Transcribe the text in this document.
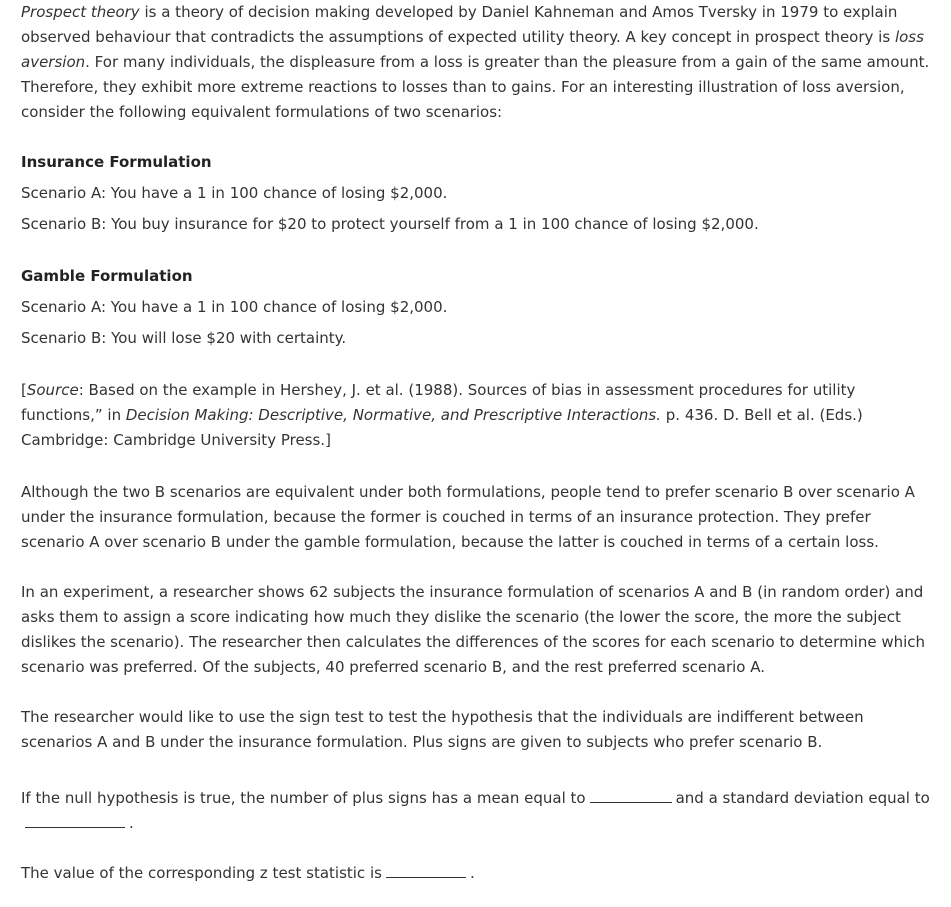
Prospect theory is a theory of decision making developed by Daniel Kahneman and Amos Tversky in 1979 to explain observed behaviour that contradicts the assumptions of expected utility theory. A key concept in prospect theory is loss aversion. For many individuals, the displeasure from a loss is greater than the pleasure from a gain of the same amount. Therefore, they exhibit more extreme reactions to losses than to gains. For an interesting illustration of loss aversion, consider the following equivalent formulations of two scenarios:

Insurance Formulation

Scenario A: You have a 1 in 100 chance of losing $2,000.

Scenario B: You buy insurance for $20 to protect yourself from a 1 in 100 chance of losing $2,000.

Gamble Formulation

Scenario A: You have a 1 in 100 chance of losing $2,000.

Scenario B: You will lose $20 with certainty.

[Source: Based on the example in Hershey, J. et al. (1988). Sources of bias in assessment procedures for utility functions,” in Decision Making: Descriptive, Normative, and Prescriptive Interactions. p. 436. D. Bell et al. (Eds.) Cambridge: Cambridge University Press.]

Although the two B scenarios are equivalent under both formulations, people tend to prefer scenario B over scenario A under the insurance formulation, because the former is couched in terms of an insurance protection. They prefer scenario A over scenario B under the gamble formulation, because the latter is couched in terms of a certain loss.

In an experiment, a researcher shows 62 subjects the insurance formulation of scenarios A and B (in random order) and asks them to assign a score indicating how much they dislike the scenario (the lower the score, the more the subject dislikes the scenario). The researcher then calculates the differences of the scores for each scenario to determine which scenario was preferred. Of the subjects, 40 preferred scenario B, and the rest preferred scenario A.

The researcher would like to use the sign test to test the hypothesis that the individuals are indifferent between scenarios A and B under the insurance formulation. Plus signs are given to subjects who prefer scenario B.

If the null hypothesis is true, the number of plus signs has a mean equal to	and a standard deviation equal to.

The value of the corresponding z test statistic is	.
